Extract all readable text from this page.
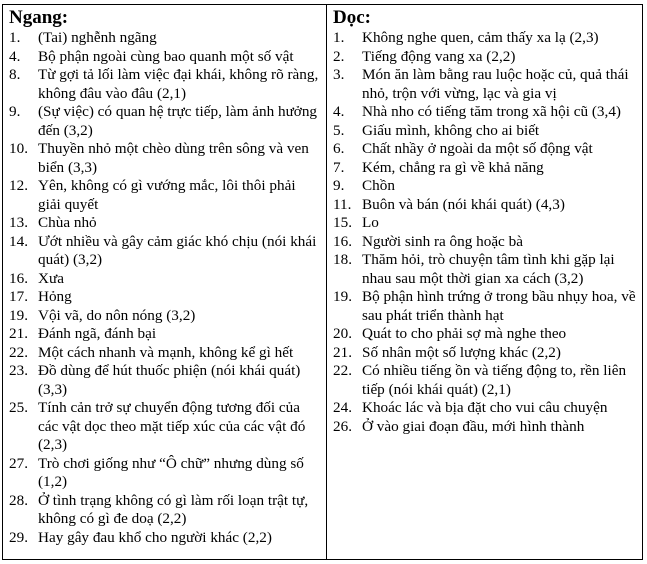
Ngang:
1.	(Tai) nghễnh ngãng
4.	Bộ phận ngoài cùng bao quanh một số vật
8.	Từ gợi tả lối làm việc đại khái, không rõ ràng, không đâu vào đâu (2,1)
9.	(Sự việc) có quan hệ trực tiếp, làm ảnh hưởng đến (3,2)
10. Thuyền nhỏ một chèo dùng trên sông và ven biển (3,3)
12. Yên, không có gì vướng mắc, lôi thôi phải giải quyết
13. Chùa nhỏ
14. Ướt nhiều và gây cảm giác khó chịu (nói khái quát) (3,2)
16. Xưa
17. Hỏng
19. Vội vã, do nôn nóng (3,2)
21. Đánh ngã, đánh bại
22. Một cách nhanh và mạnh, không kể gì hết
23. Đồ dùng để hút thuốc phiện (nói khái quát) (3,3)
25. Tính cản trở sự chuyển động tương đối của các vật dọc theo mặt tiếp xúc của các vật đó (2,3)
27. Trò chơi giống như “Ô chữ” nhưng dùng số (1,2)
28. Ở tình trạng không có gì làm rối loạn trật tự, không có gì đe doạ (2,2)
29. Hay gây đau khổ cho người khác (2,2)
Dọc:
1.	Không nghe quen, cảm thấy xa lạ (2,3)
2.	Tiếng động vang xa (2,2)
3.	Món ăn làm bằng rau luộc hoặc củ, quả thái nhỏ, trộn với vừng, lạc và gia vị
4.	Nhà nho có tiếng tăm trong xã hội cũ (3,4)
5.	Giấu mình, không cho ai biết
6.	Chất nhầy ở ngoài da một số động vật
7.	Kém, chẳng ra gì về khả năng
9.	Chồn
11. Buôn và bán (nói khái quát) (4,3)
15. Lo
16. Người sinh ra ông hoặc bà
18. Thăm hỏi, trò chuyện tâm tình khi gặp lại nhau sau một thời gian xa cách (3,2)
19. Bộ phận hình trứng ở trong bầu nhụy hoa, về sau phát triển thành hạt
20. Quát to cho phải sợ mà nghe theo
21. Số nhân một số lượng khác (2,2)
22. Có nhiều tiếng ồn và tiếng động to, rền liên tiếp (nói khái quát) (2,1)
24. Khoác lác và bịa đặt cho vui câu chuyện
26. Ở vào giai đoạn đầu, mới hình thành
